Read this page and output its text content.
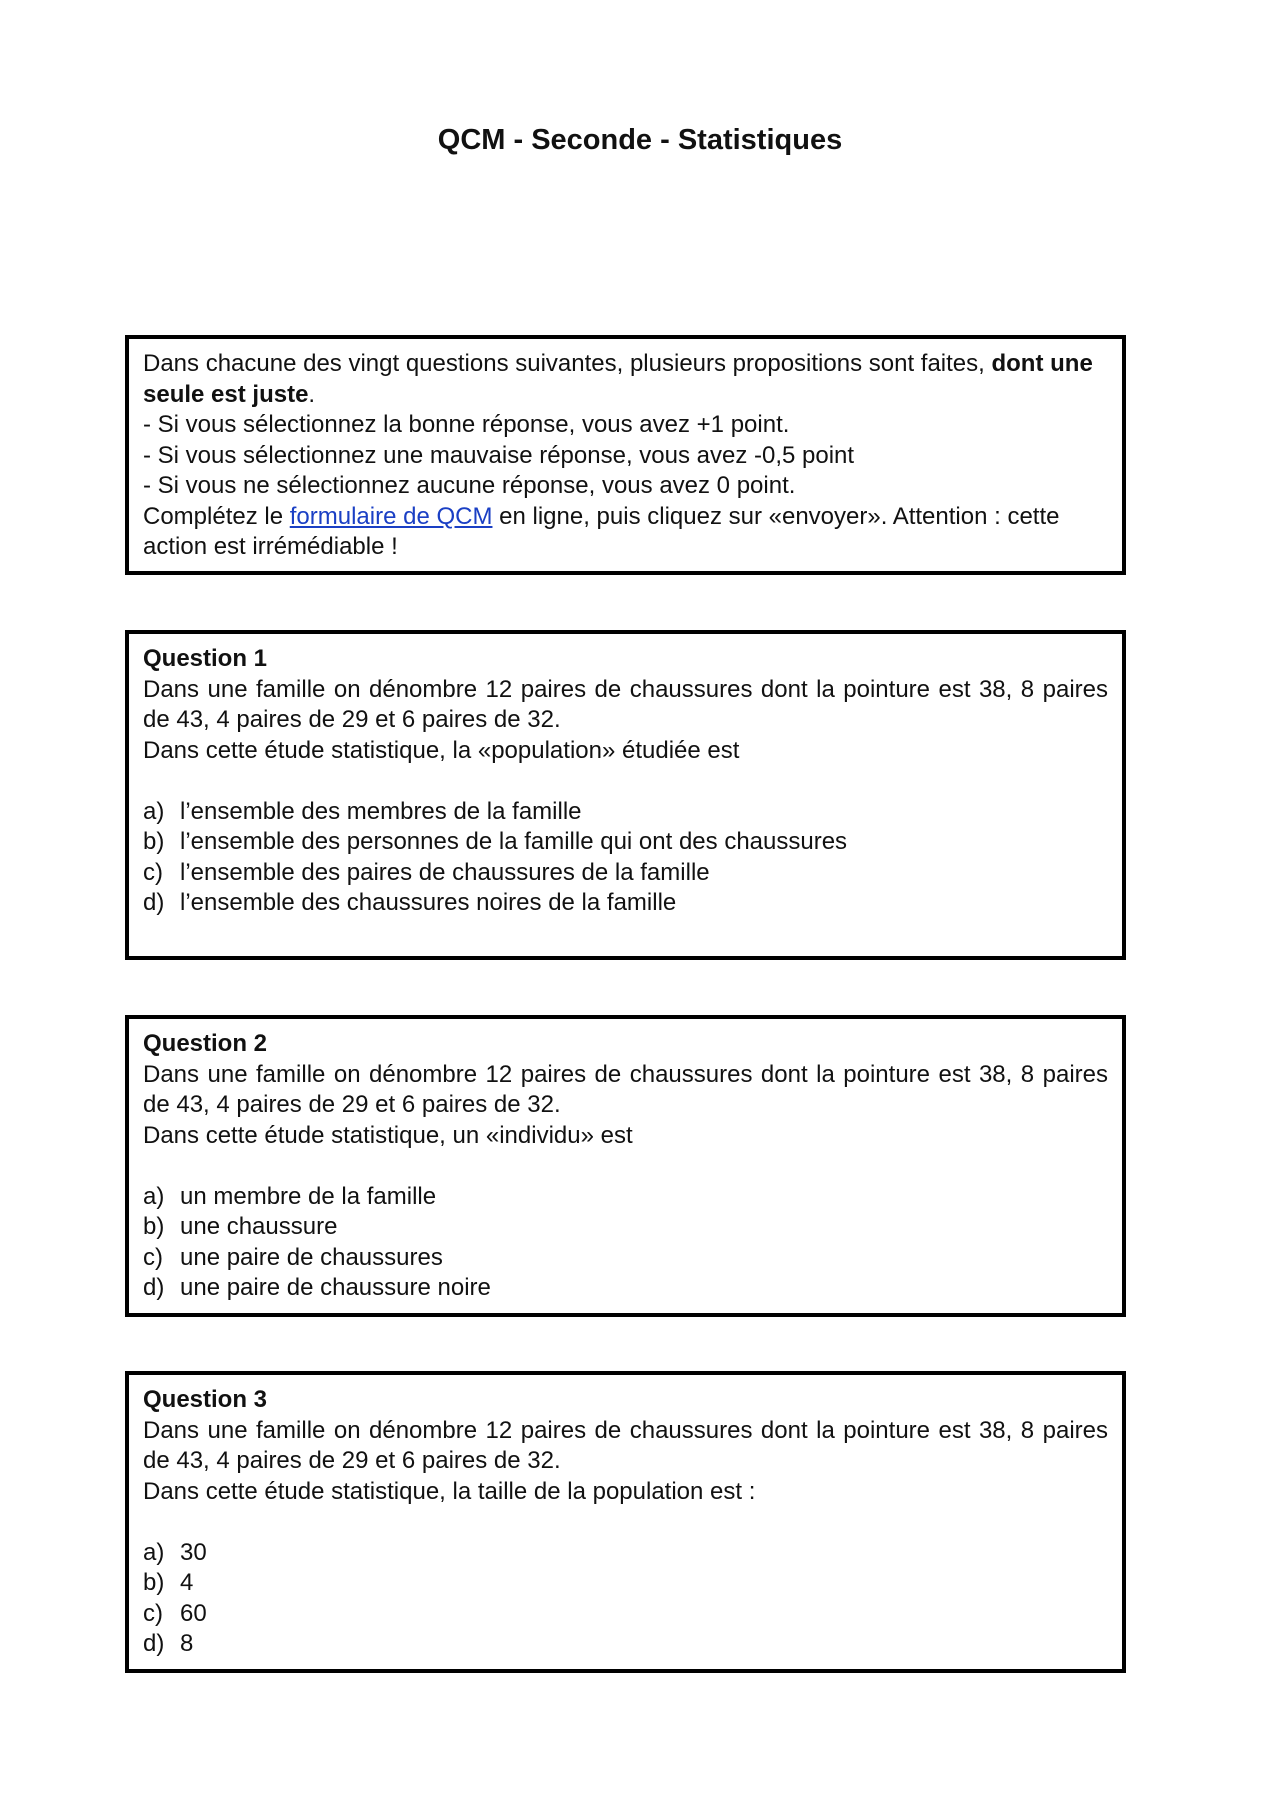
QCM - Seconde - Statistiques

Dans chacune des vingt questions suivantes, plusieurs propositions sont faites, dont une seule est juste.

- Si vous sélectionnez la bonne réponse, vous avez +1 point.

- Si vous sélectionnez une mauvaise réponse, vous avez -0,5 point

- Si vous ne sélectionnez aucune réponse, vous avez 0 point.

Complétez le formulaire de QCM en ligne, puis cliquez sur «envoyer». Attention : cette action est irrémédiable !

Question 1

Dans une famille on dénombre 12 paires de chaussures dont la pointure est 38, 8 paires de 43, 4 paires de 29 et 6 paires de 32.

Dans cette étude statistique, la «population» étudiée est

a) l’ensemble des membres de la famille
b) l’ensemble des personnes de la famille qui ont des chaussures
c) l’ensemble des paires de chaussures de la famille
d) l’ensemble des chaussures noires de la famille

Question 2

Dans une famille on dénombre 12 paires de chaussures dont la pointure est 38, 8 paires de 43, 4 paires de 29 et 6 paires de 32.

Dans cette étude statistique, un «individu» est

a) un membre de la famille
b) une chaussure
c) une paire de chaussures
d) une paire de chaussure noire

Question 3

Dans une famille on dénombre 12 paires de chaussures dont la pointure est 38, 8 paires de 43, 4 paires de 29 et 6 paires de 32.

Dans cette étude statistique, la taille de la population est :

a) 30
b) 4
c) 60
d) 8
